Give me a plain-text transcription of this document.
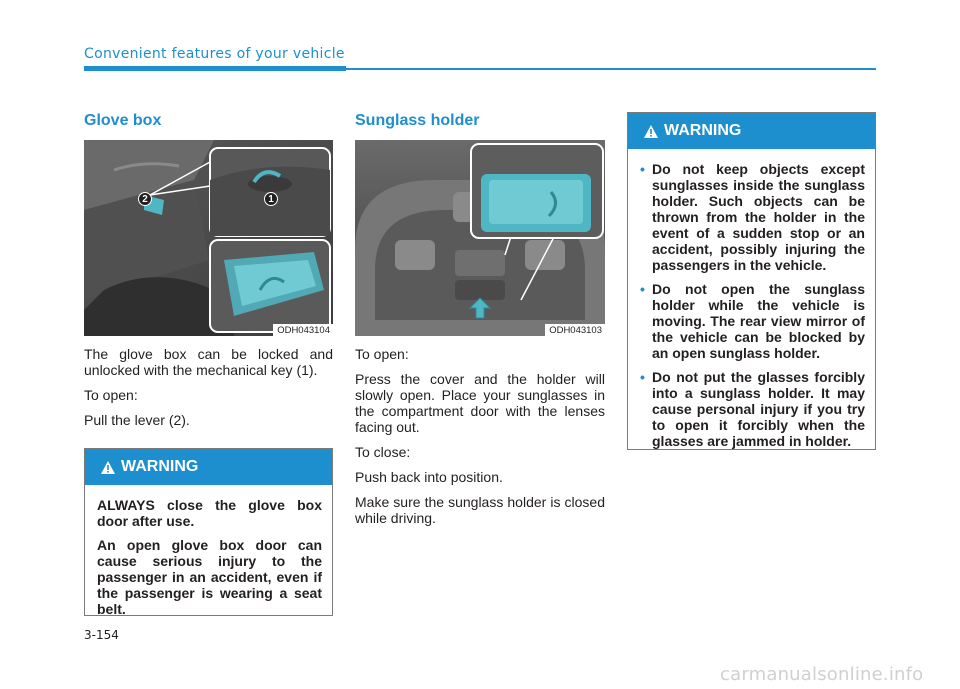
Convenient features of your vehicle
Glove box
2	1
ODH043104

The glove box can be locked and unlocked with the mechanical key (1).

To open:

Pull the lever (2).

WARNING

ALWAYS close the glove box door after use.

An open glove box door can cause serious injury to the passenger in an accident, even if the passenger is wearing a seat belt.

Sunglass holder
ODH043103

To open:

Press the cover and the holder will slowly open. Place your sunglasses in the compartment door with the lenses facing out.

To close:

Push back into position.

Make sure the sunglass holder is closed while driving.

WARNING
• Do not keep objects except sunglasses inside the sunglass holder. Such objects can be thrown from the holder in the event of a sudden stop or an accident, possibly injuring the passengers in the vehicle.
• Do not open the sunglass holder while the vehicle is moving. The rear view mirror of the vehicle can be blocked by an open sunglass holder.
• Do not put the glasses forcibly into a sunglass holder. It may cause personal injury if you try to open it forcibly when the glasses are jammed in holder.
3-154
carmanualsonline.info
